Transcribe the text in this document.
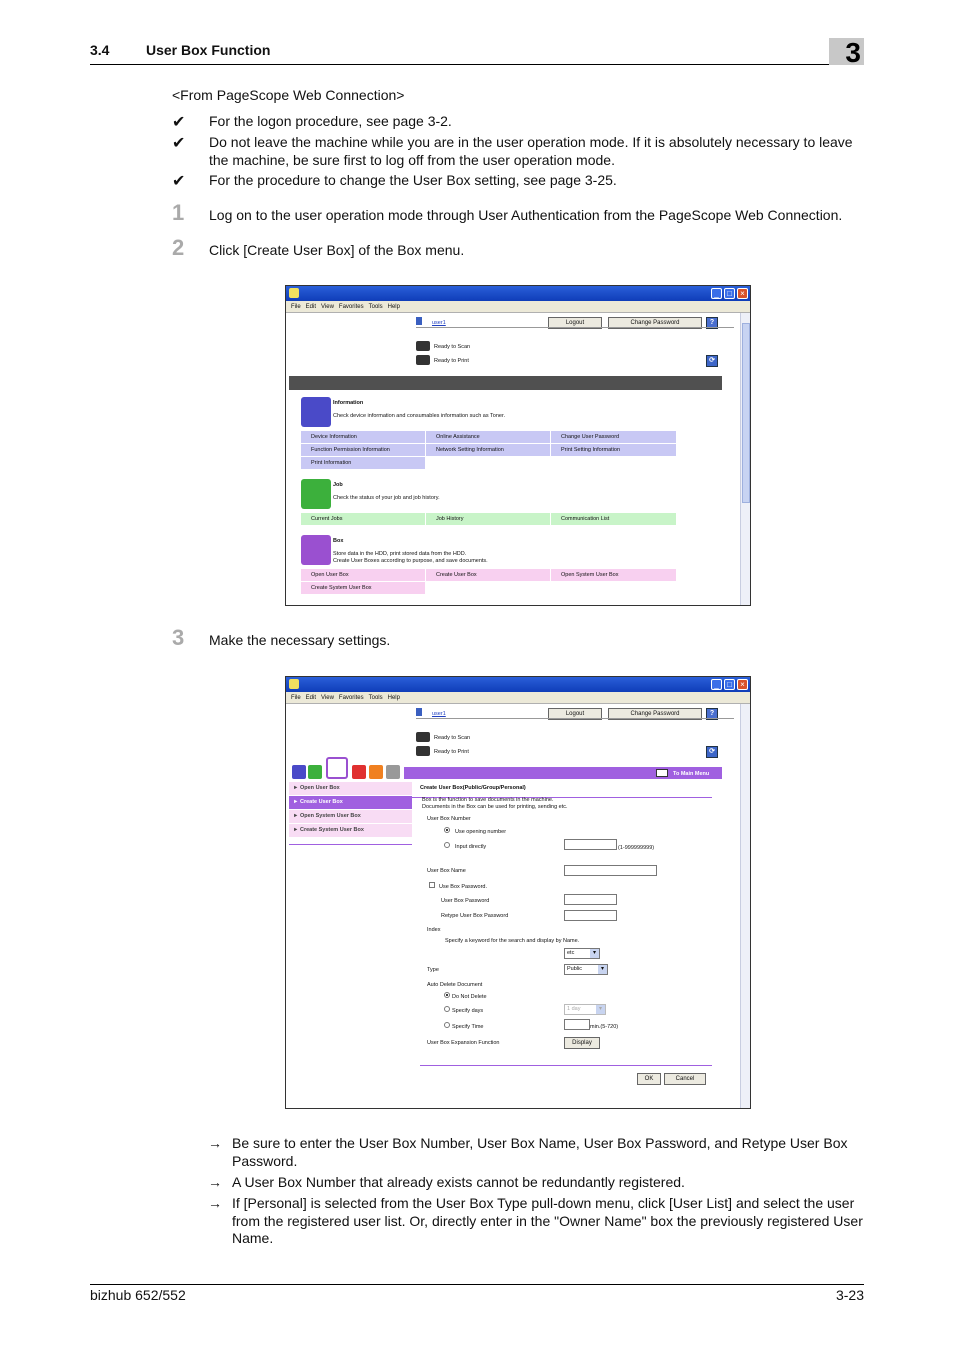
3.4	User Box Function	3
<From PageScope Web Connection>
✔ For the logon procedure, see page 3-2.
✔ Do not leave the machine while you are in the user operation mode. If it is absolutely necessary to leave the machine, be sure first to log off from the user operation mode.
✔ For the procedure to change the User Box setting, see page 3-25.
1 Log on to the user operation mode through User Authentication from the PageScope Web Connection.
2 Click [Create User Box] of the Box menu.
_	□	×
File Edit View Favorites Tools Help
user1	Logout	Change Password	?
Ready to Scan
Ready to Print	⟳
Information
Check device information and consumables information such as Toner.
Device Information	Online Assistance	Change User Password
Function Permission Information	Network Setting Information	Print Setting Information
Print Information
Job
Check the status of your job and job history.
Current Jobs	Job History	Communication List
Box
Store data in the HDD, print stored data from the HDD.
Create User Boxes according to purpose, and save documents.
Open User Box	Create User Box	Open System User Box
Create System User Box
3 Make the necessary settings.
_	□	×
File Edit View Favorites Tools Help
user1	Logout	Change Password	?
Ready to Scan
Ready to Print	⟳
To Main Menu
► Open User Box
► Create User Box
► Open System User Box
► Create System User Box
Create User Box(Public/Group/Personal)
Box is the function to save documents in the machine.
Documents in the Box can be used for printing, sending etc.
User Box Number
Use opening number
Input directly	(1-999999999)
User Box Name
Use Box Password.
User Box Password
Retype User Box Password
Index
Specify a keyword for the search and display by Name.
etc	▾
Type	Public	▾
Auto Delete Document
Do Not Delete
Specify days	1 day	▾
Specify Time	min.(5-720)
User Box Expansion Function	Display
OK	Cancel
→ Be sure to enter the User Box Number, User Box Name, User Box Password, and Retype User Box Password.
→ A User Box Number that already exists cannot be redundantly registered.
→ If [Personal] is selected from the User Box Type pull-down menu, click [User List] and select the user from the registered user list. Or, directly enter in the "Owner Name" box the previously registered User Name.
bizhub 652/552	3-23
